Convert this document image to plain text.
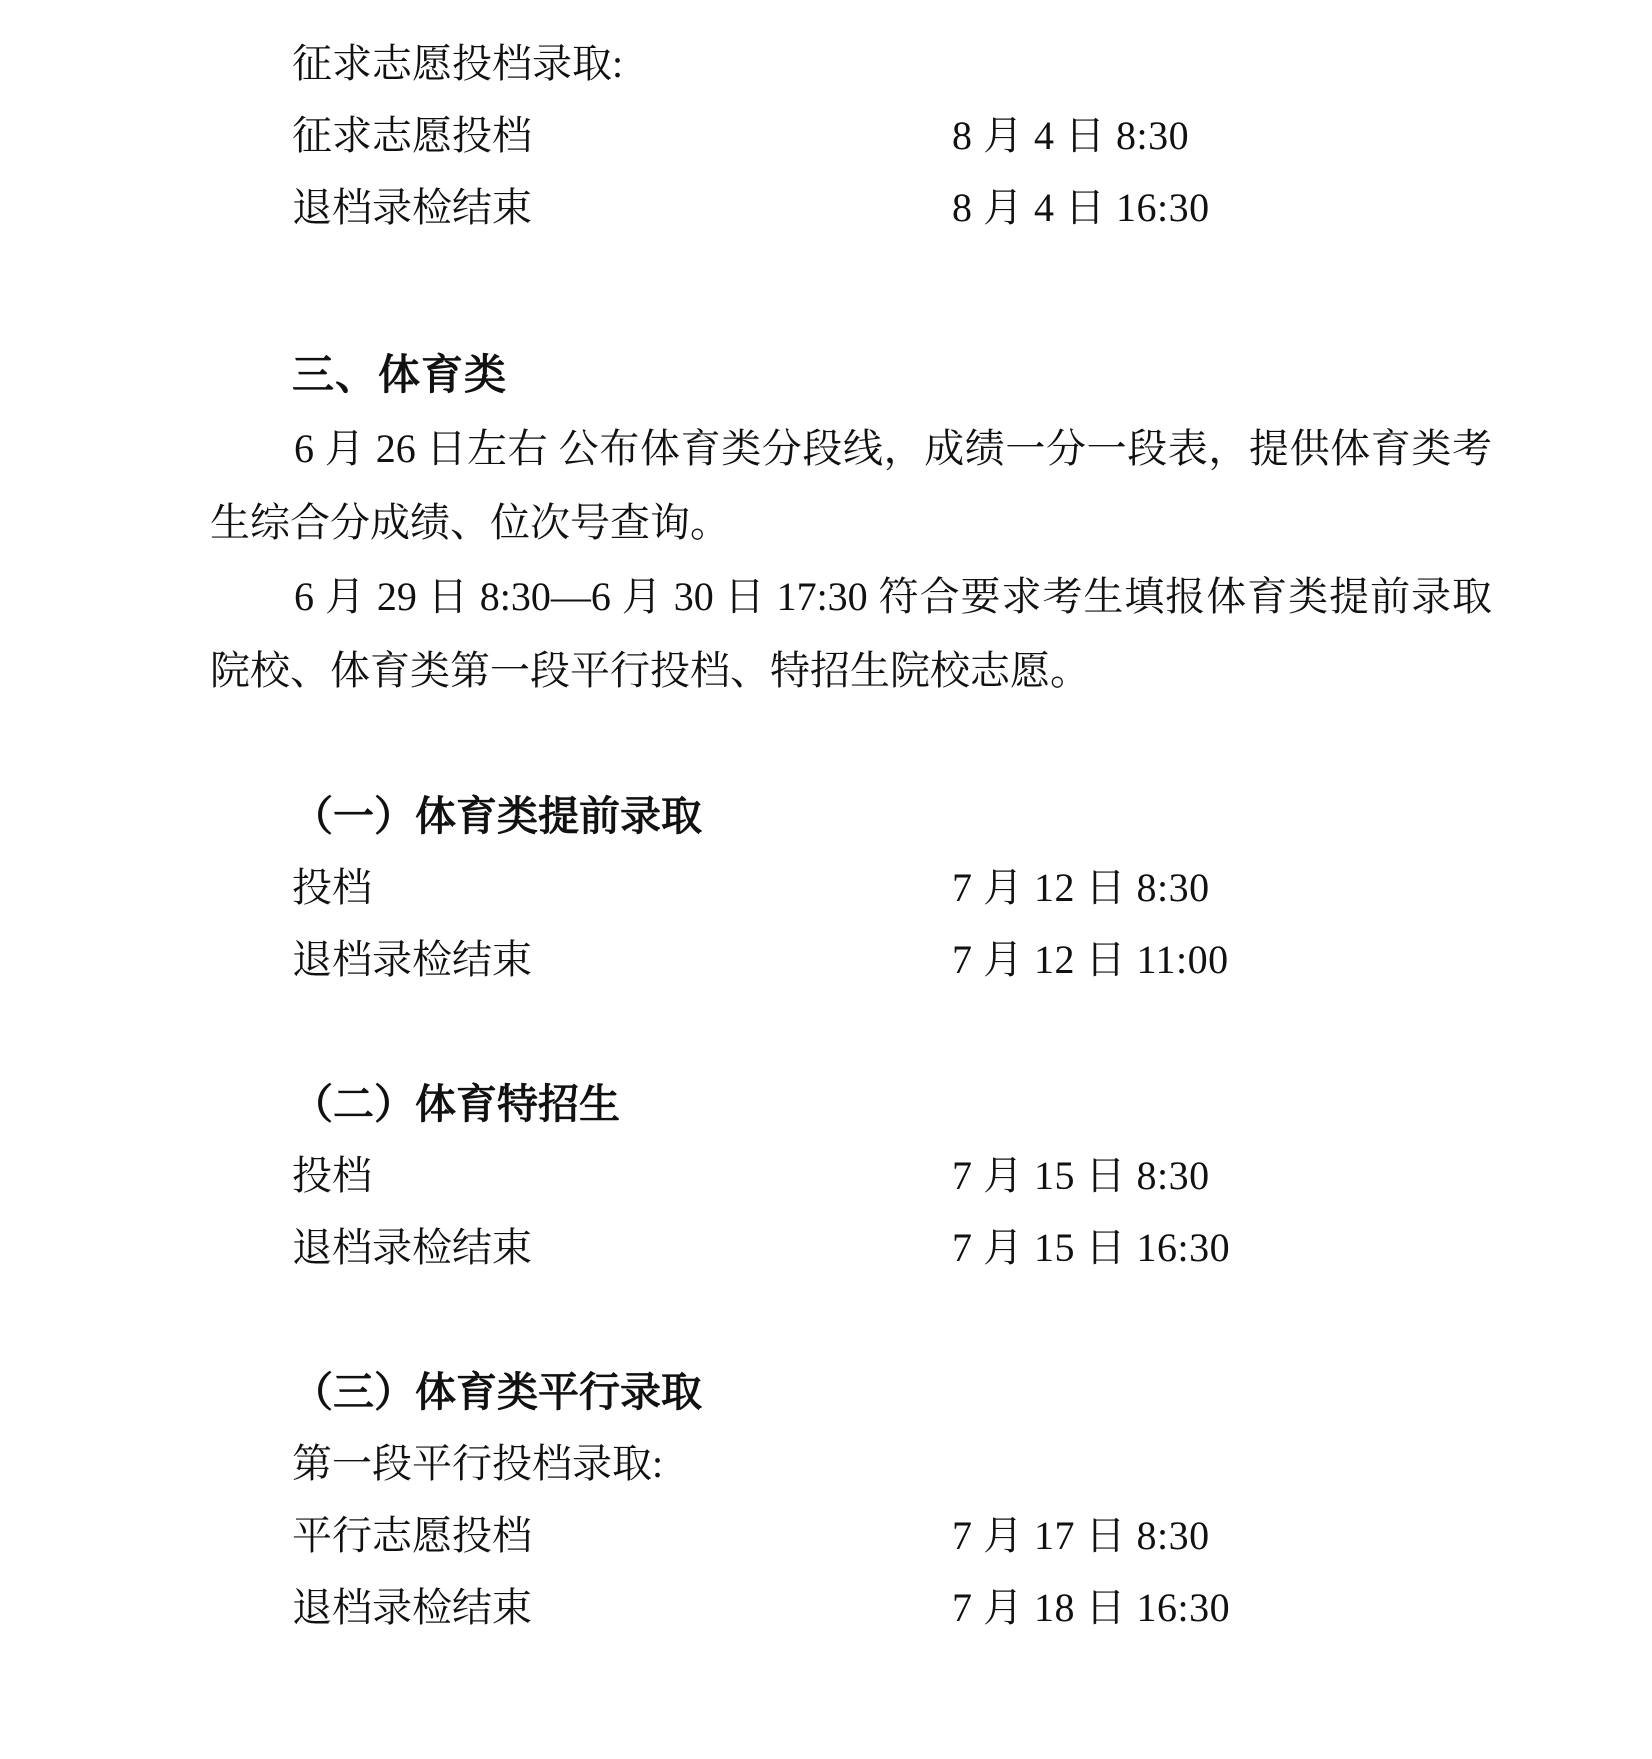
征求志愿投档录取:
征求志愿投档	8 月 4 日 8:30
退档录检结束	8 月 4 日 16:30
三、体育类
6 月 26 日左右 公布体育类分段线，成绩一分一段表，提供体育类考生综合分成绩、位次号查询。
6 月 29 日 8:30—6 月 30 日 17:30 符合要求考生填报体育类提前录取院校、体育类第一段平行投档、特招生院校志愿。
（一）体育类提前录取
投档	7 月 12 日 8:30
退档录检结束	7 月 12 日 11:00
（二）体育特招生
投档	7 月 15 日 8:30
退档录检结束	7 月 15 日 16:30
（三）体育类平行录取
第一段平行投档录取:
平行志愿投档	7 月 17 日 8:30
退档录检结束	7 月 18 日 16:30
